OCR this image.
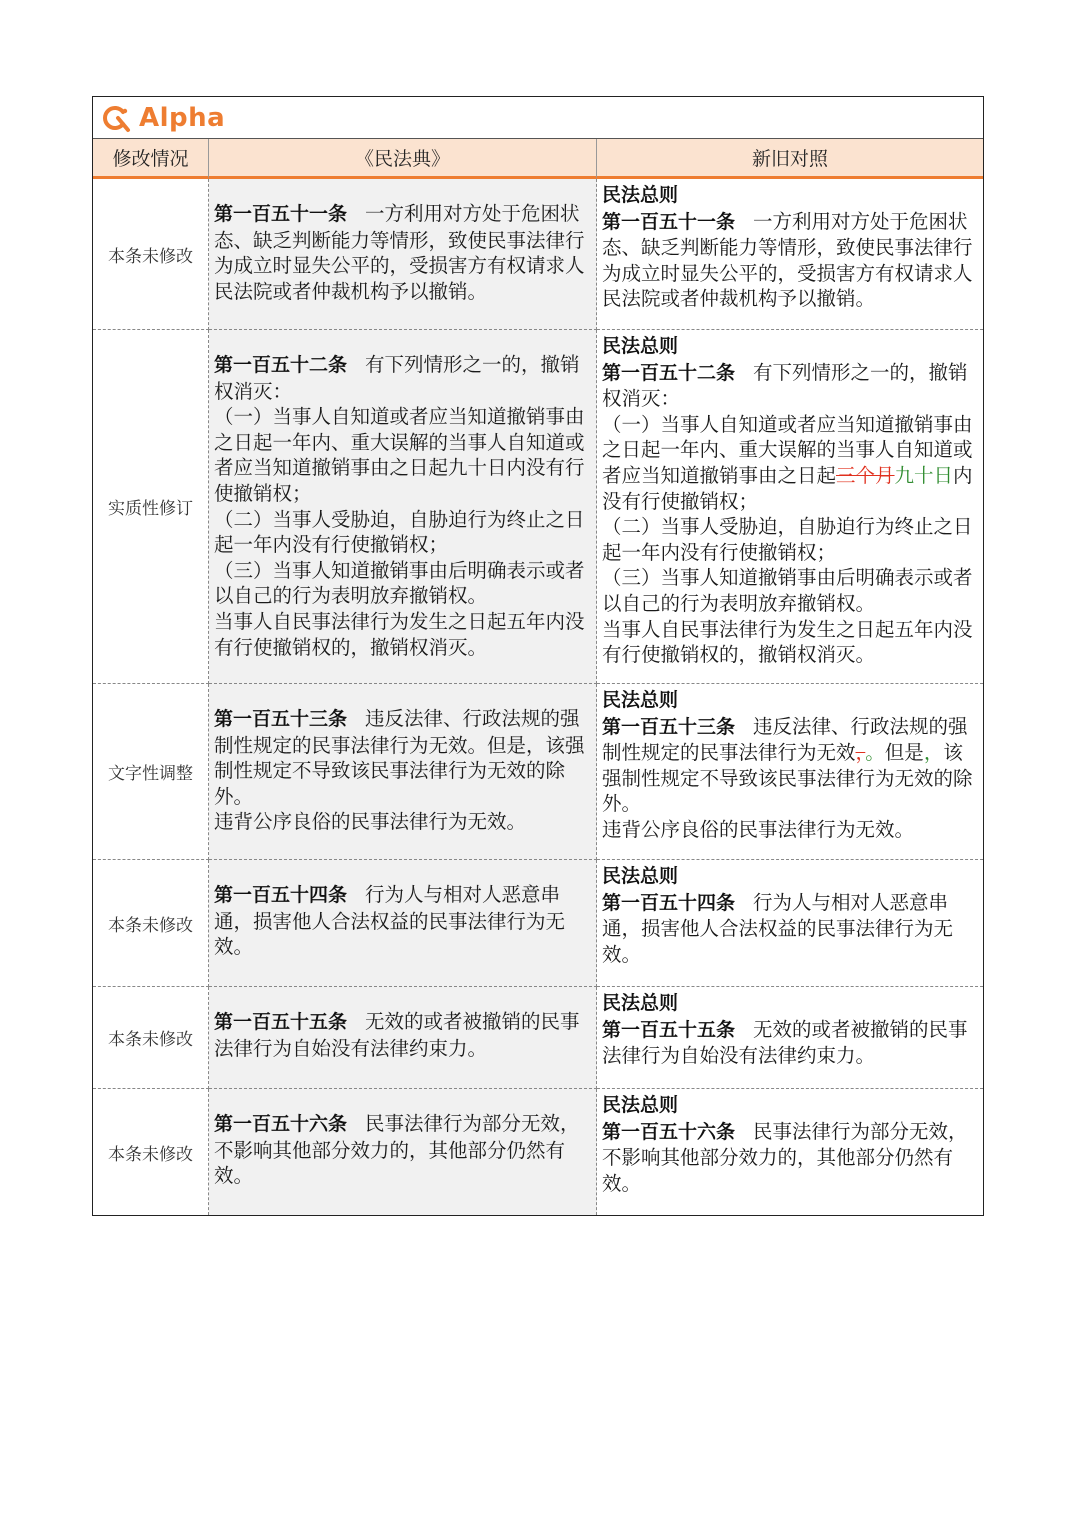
Alpha
修改情况	《民法典》	新旧对照
本条未修改

第一百五十一条 一方利用对方处于危困状态、缺乏判断能力等情形，致使民事法律行为成立时显失公平的，受损害方有权请求人民法院或者仲裁机构予以撤销。

民法总则

第一百五十一条 一方利用对方处于危困状态、缺乏判断能力等情形，致使民事法律行为成立时显失公平的，受损害方有权请求人民法院或者仲裁机构予以撤销。

实质性修订

第一百五十二条 有下列情形之一的，撤销权消灭：

（一）当事人自知道或者应当知道撤销事由之日起一年内、重大误解的当事人自知道或者应当知道撤销事由之日起九十日内没有行使撤销权；

（二）当事人受胁迫，自胁迫行为终止之日起一年内没有行使撤销权；

（三）当事人知道撤销事由后明确表示或者以自己的行为表明放弃撤销权。

当事人自民事法律行为发生之日起五年内没有行使撤销权的，撤销权消灭。

民法总则

第一百五十二条 有下列情形之一的，撤销权消灭：

（一）当事人自知道或者应当知道撤销事由之日起一年内、重大误解的当事人自知道或者应当知道撤销事由之日起三个月九十日内没有行使撤销权；

（二）当事人受胁迫，自胁迫行为终止之日起一年内没有行使撤销权；

（三）当事人知道撤销事由后明确表示或者以自己的行为表明放弃撤销权。

当事人自民事法律行为发生之日起五年内没有行使撤销权的，撤销权消灭。

文字性调整

第一百五十三条 违反法律、行政法规的强制性规定的民事法律行为无效。但是，该强制性规定不导致该民事法律行为无效的除外。

违背公序良俗的民事法律行为无效。

民法总则

第一百五十三条 违反法律、行政法规的强制性规定的民事法律行为无效，。但是，该强制性规定不导致该民事法律行为无效的除外。

违背公序良俗的民事法律行为无效。

本条未修改

第一百五十四条 行为人与相对人恶意串通，损害他人合法权益的民事法律行为无效。

民法总则

第一百五十四条 行为人与相对人恶意串通，损害他人合法权益的民事法律行为无效。

本条未修改

第一百五十五条 无效的或者被撤销的民事法律行为自始没有法律约束力。

民法总则

第一百五十五条 无效的或者被撤销的民事法律行为自始没有法律约束力。

本条未修改

第一百五十六条 民事法律行为部分无效，不影响其他部分效力的，其他部分仍然有效。

民法总则

第一百五十六条 民事法律行为部分无效，不影响其他部分效力的，其他部分仍然有效。
